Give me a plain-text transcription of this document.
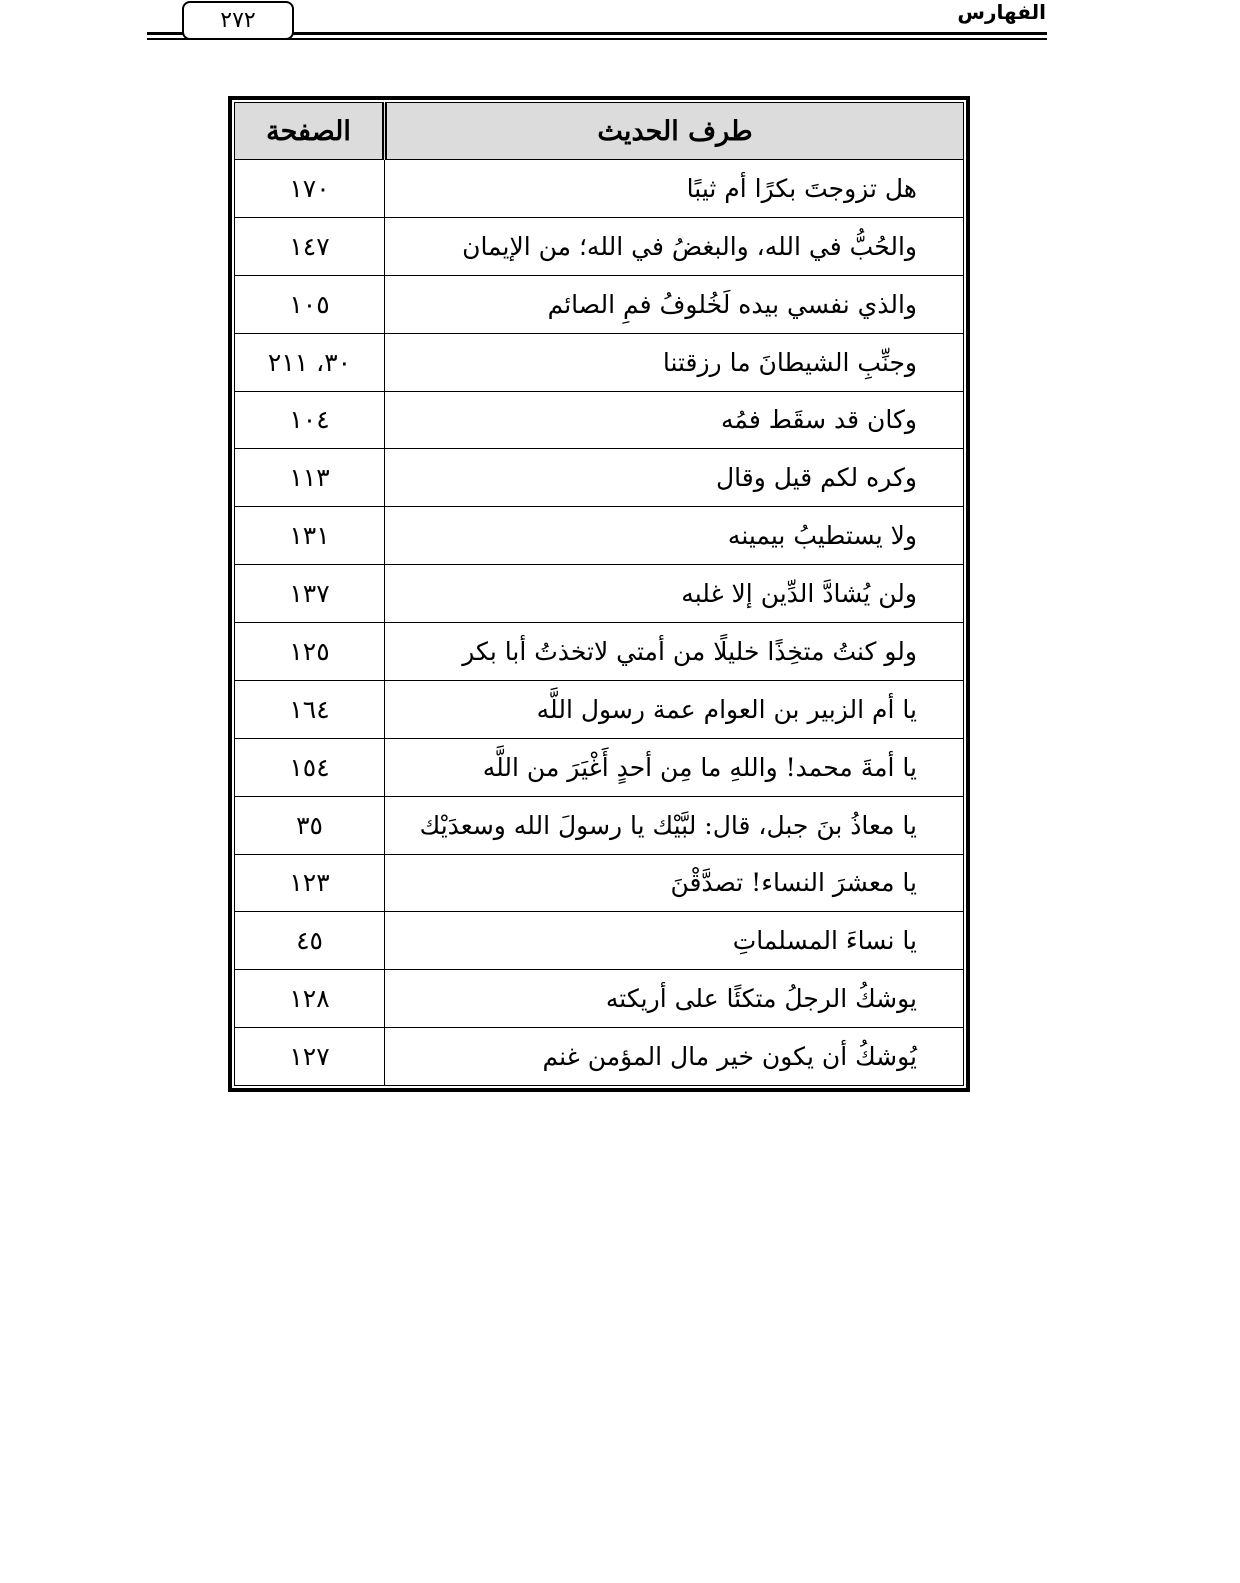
٢٧٢	الفهارس
طرف الحديث	الصفحة
هل تزوجتَ بكرًا أم ثيبًا	١٧٠
والحُبُّ في الله، والبغضُ في الله؛ من الإيمان	١٤٧
والذي نفسي بيده لَخُلوفُ فمِ الصائم	١٠٥
وجنِّبِ الشيطانَ ما رزقتنا	٣٠، ٢١١
وكان قد سقَط فمُه	١٠٤
وكره لكم قيل وقال	١١٣
ولا يستطيبُ بيمينه	١٣١
ولن يُشادَّ الدِّين إلا غلبه	١٣٧
ولو كنتُ متخِذًا خليلًا من أمتي لاتخذتُ أبا بكر	١٢٥
يا أم الزبير بن العوام عمة رسول اللَّه	١٦٤
يا أمةَ محمد! واللهِ ما مِن أحدٍ أَغْيَرَ من اللَّه	١٥٤
يا معاذُ بنَ جبل، قال: لبَّيْك يا رسولَ الله وسعدَيْك	٣٥
يا معشرَ النساء! تصدَّقْنَ	١٢٣
يا نساءَ المسلماتِ	٤٥
يوشكُ الرجلُ متكئًا على أريكته	١٢٨
يُوشكُ أن يكون خير مال المؤمن غنم	١٢٧
